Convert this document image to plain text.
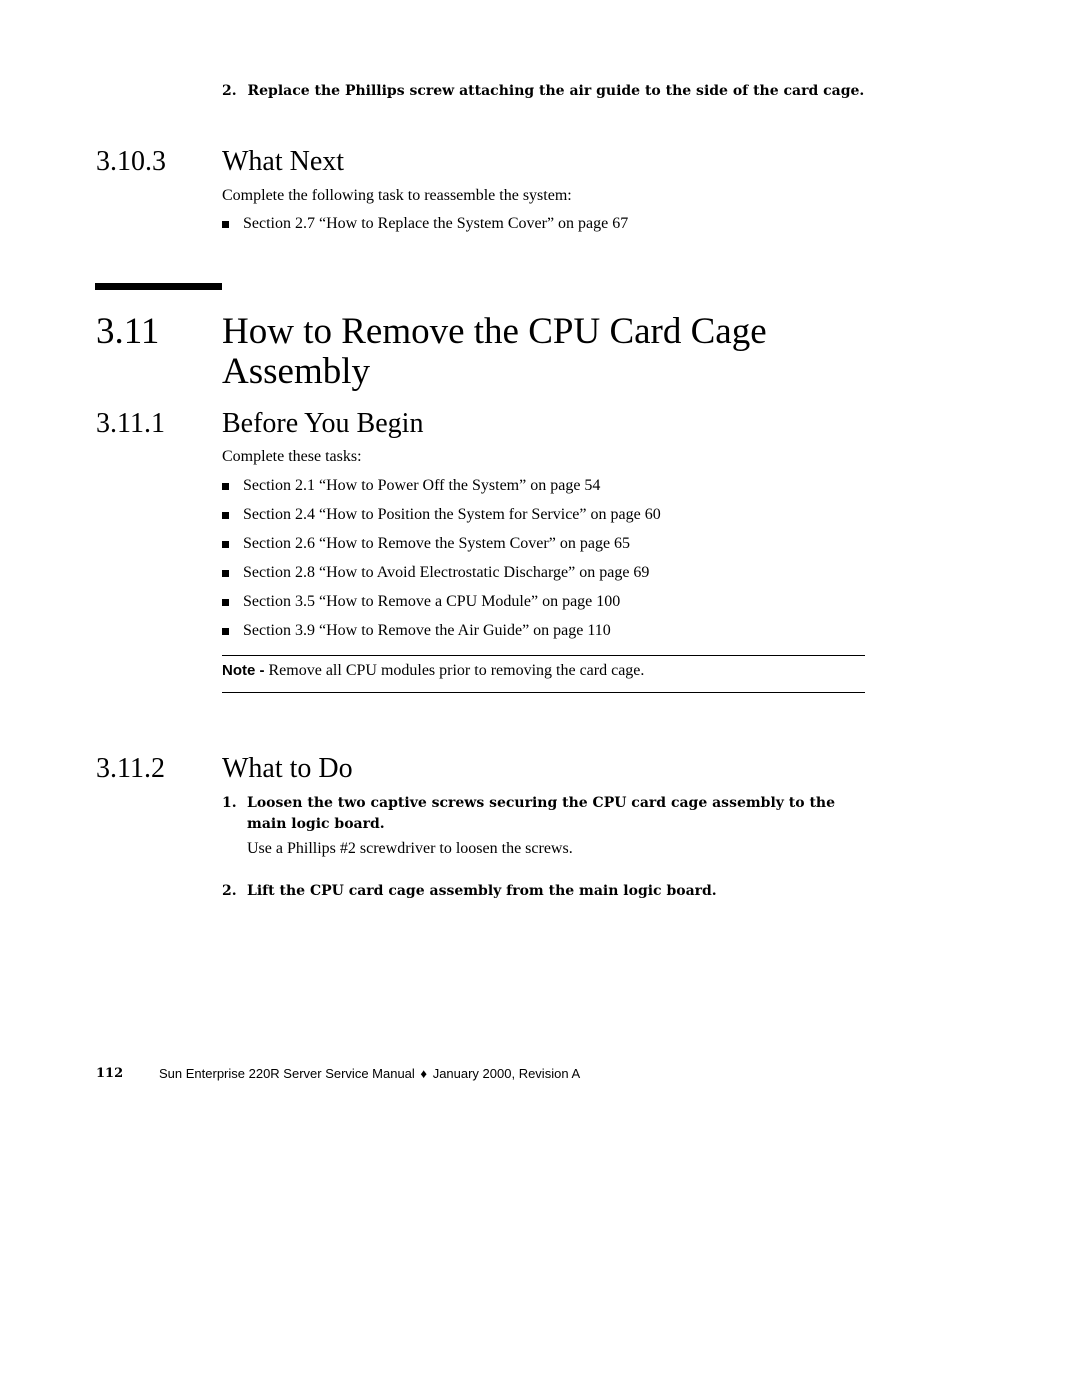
2. Replace the Phillips screw attaching the air guide to the side of the card cage.
3.10.3 What Next
Complete the following task to reassemble the system:
Section 2.7 “How to Replace the System Cover” on page 67
3.11 How to Remove the CPU Card Cage
Assembly
3.11.1 Before You Begin
Complete these tasks:
Section 2.1 “How to Power Off the System” on page 54
Section 2.4 “How to Position the System for Service” on page 60
Section 2.6 “How to Remove the System Cover” on page 65
Section 2.8 “How to Avoid Electrostatic Discharge” on page 69
Section 3.5 “How to Remove a CPU Module” on page 100
Section 3.9 “How to Remove the Air Guide” on page 110
Note - Remove all CPU modules prior to removing the card cage.
3.11.2 What to Do
1. Loosen the two captive screws securing the CPU card cage assembly to the
main logic board.
Use a Phillips #2 screwdriver to loosen the screws.
2. Lift the CPU card cage assembly from the main logic board.
112	Sun Enterprise 220R Server Service Manual ♦ January 2000, Revision A
